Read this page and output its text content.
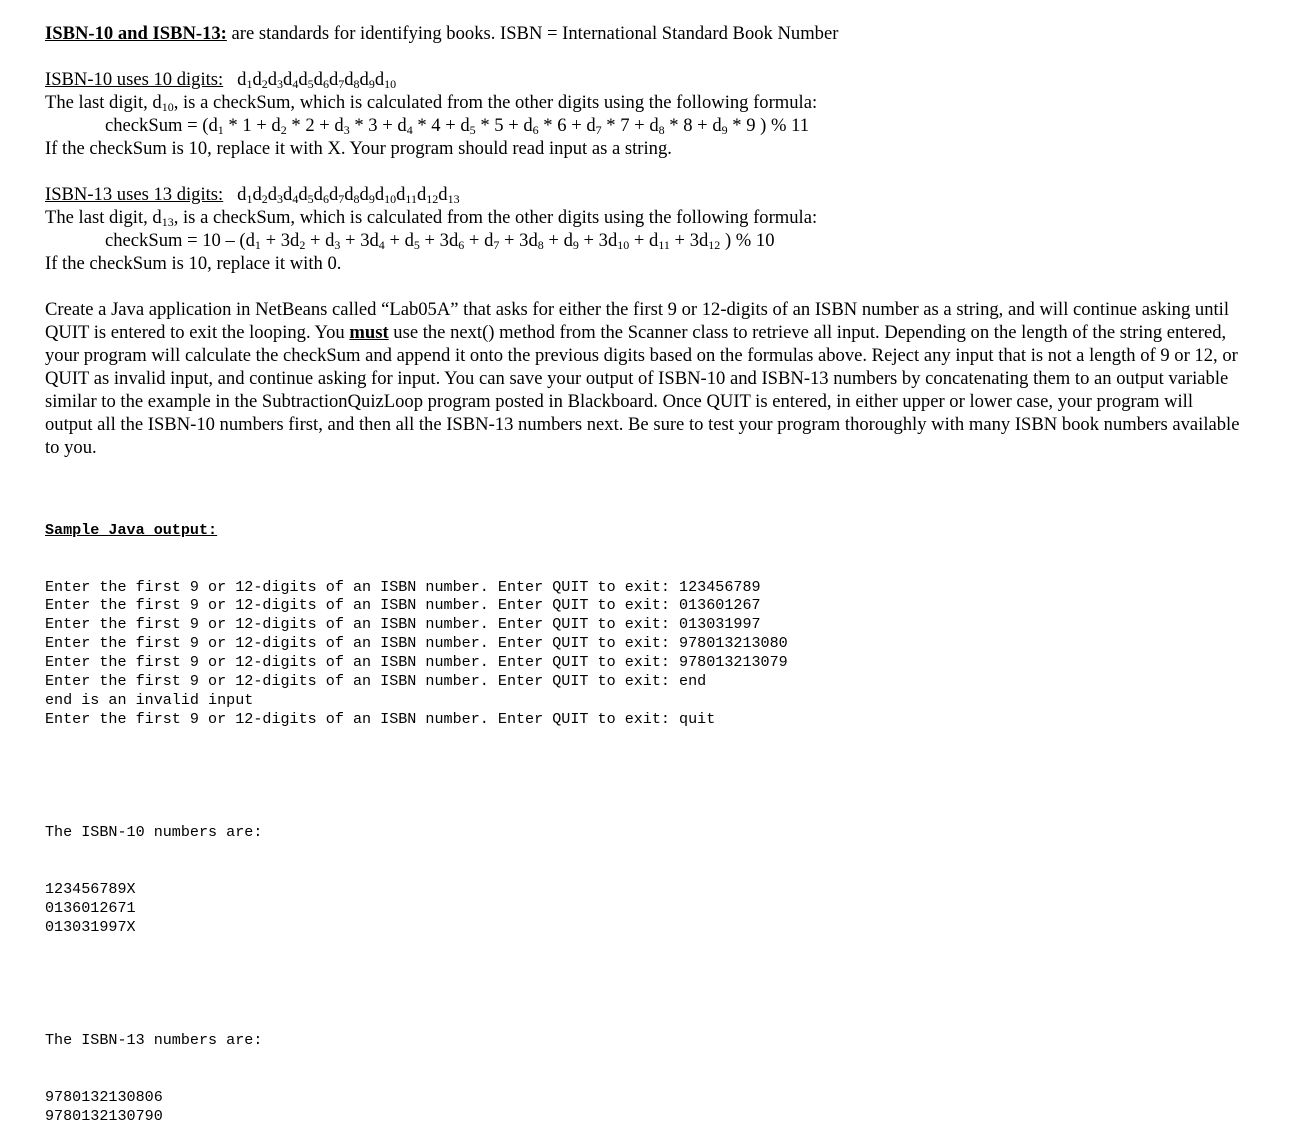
ISBN-10 and ISBN-13: are standards for identifying books. ISBN = International Standard Book Number
ISBN-10 uses 10 digits: $d_1d_2d_3d_4d_5d_6d_7d_8d_9d_{10}$
The last digit, $d_{10}$, is a checkSum, which is calculated from the other digits using the following formula:
checkSum = ($d_1 * 1 + d_2 * 2 + d_3 * 3 + d_4 * 4 + d_5 * 5 + d_6 * 6 + d_7 * 7 + d_8 * 8 + d_9 * 9$ ) % 11
If the checkSum is 10, replace it with X. Your program should read input as a string.
ISBN-13 uses 13 digits: $d_1d_2d_3d_4d_5d_6d_7d_8d_9d_{10}d_{11}d_{12}d_{13}$
The last digit, $d_{13}$, is a checkSum, which is calculated from the other digits using the following formula:
checkSum = $10 - (d_1 + 3d_2 + d_3 + 3d_4 + d_5 + 3d_6 + d_7 + 3d_8 + d_9 + 3d_{10} + d_{11} + 3d_{12}$ ) % 10
If the checkSum is 10, replace it with 0.
Create a Java application in NetBeans called “Lab05A” that asks for either the first 9 or 12-digits of an ISBN number as a string, and will continue asking until QUIT is entered to exit the looping. You must use the next() method from the Scanner class to retrieve all input. Depending on the length of the string entered, your program will calculate the checkSum and append it onto the previous digits based on the formulas above. Reject any input that is not a length of 9 or 12, or QUIT as invalid input, and continue asking for input. You can save your output of ISBN-10 and ISBN-13 numbers by concatenating them to an output variable similar to the example in the SubtractionQuizLoop program posted in Blackboard. Once QUIT is entered, in either upper or lower case, your program will output all the ISBN-10 numbers first, and then all the ISBN-13 numbers next. Be sure to test your program thoroughly with many ISBN book numbers available to you.

Sample Java output:

Enter the first 9 or 12-digits of an ISBN number. Enter QUIT to exit: 123456789
Enter the first 9 or 12-digits of an ISBN number. Enter QUIT to exit: 013601267
Enter the first 9 or 12-digits of an ISBN number. Enter QUIT to exit: 013031997
Enter the first 9 or 12-digits of an ISBN number. Enter QUIT to exit: 978013213080
Enter the first 9 or 12-digits of an ISBN number. Enter QUIT to exit: 978013213079
Enter the first 9 or 12-digits of an ISBN number. Enter QUIT to exit: end
end is an invalid input
Enter the first 9 or 12-digits of an ISBN number. Enter QUIT to exit: quit

The ISBN-10 numbers are:

123456789X
0136012671
013031997X

The ISBN-13 numbers are:

9780132130806
9780132130790
